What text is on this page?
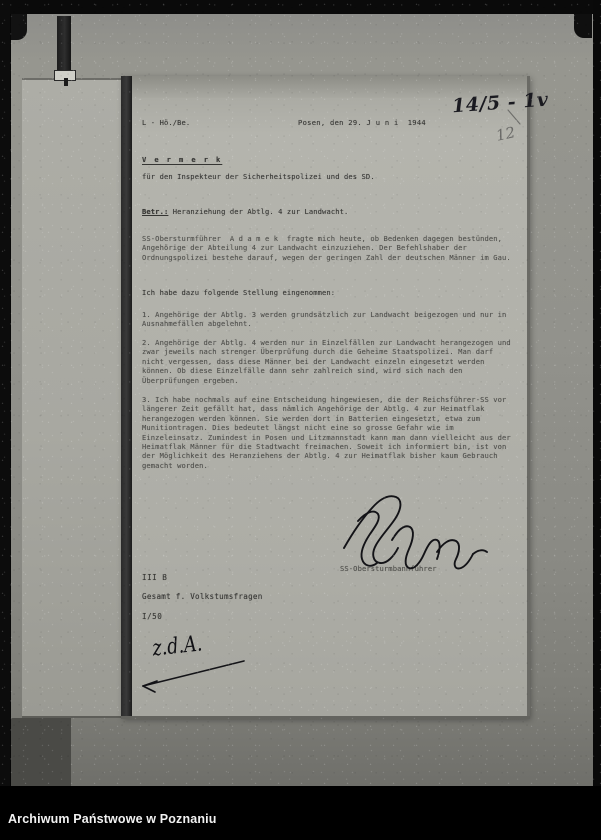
L - Hö./Be.	Posen, den 29. J u n i  1944
V e r m e r k
für den Inspekteur der Sicherheitspolizei und des SD.
Betr.: Heranziehung der Abtlg. 4 zur Landwacht.
SS-Obersturmführer  A d a m e k  fragte mich heute, ob Bedenken dagegen bestünden, Angehörige der Abteilung 4 zur Landwacht einzuziehen. Der Befehlshaber der Ordnungspolizei bestehe darauf, wegen der geringen Zahl der deutschen Männer im Gau.
Ich habe dazu folgende Stellung eingenommen:
1. Angehörige der Abtlg. 3 werden grundsätzlich zur Landwacht beigezogen und nur in Ausnahmefällen abgelehnt.
2. Angehörige der Abtlg. 4 werden nur in Einzelfällen zur Landwacht herangezogen und zwar jeweils nach strenger Überprüfung durch die Geheime Staatspolizei. Man darf nicht vergessen, dass diese Männer bei der Landwacht einzeln eingesetzt werden können. Ob diese Einzelfälle dann sehr zahlreich sind, wird sich nach den Überprüfungen ergeben.
3. Ich habe nochmals auf eine Entscheidung hingewiesen, die der Reichsführer-SS vor längerer Zeit gefällt hat, dass nämlich Angehörige der Abtlg. 4 zur Heimatflak herangezogen werden können. Sie werden dort in Batterien eingesetzt, etwa zum Munitiontragen. Dies bedeutet längst nicht eine so grosse Gefahr wie im Einzeleinsatz. Zumindest in Posen und Litzmannstadt kann man dann vielleicht aus der Heimatflak Männer für die Stadtwacht freimachen. Soweit ich informiert bin, ist von der Möglichkeit des Heranziehens der Abtlg. 4 zur Heimatflak bisher kaum Gebrauch gemacht worden.
SS-Obersturmbannführer
III B
Gesamt f. Volkstumsfragen
I/50
14/5 - 1v
12
z.d.A.
Archiwum Państwowe w Poznaniu
